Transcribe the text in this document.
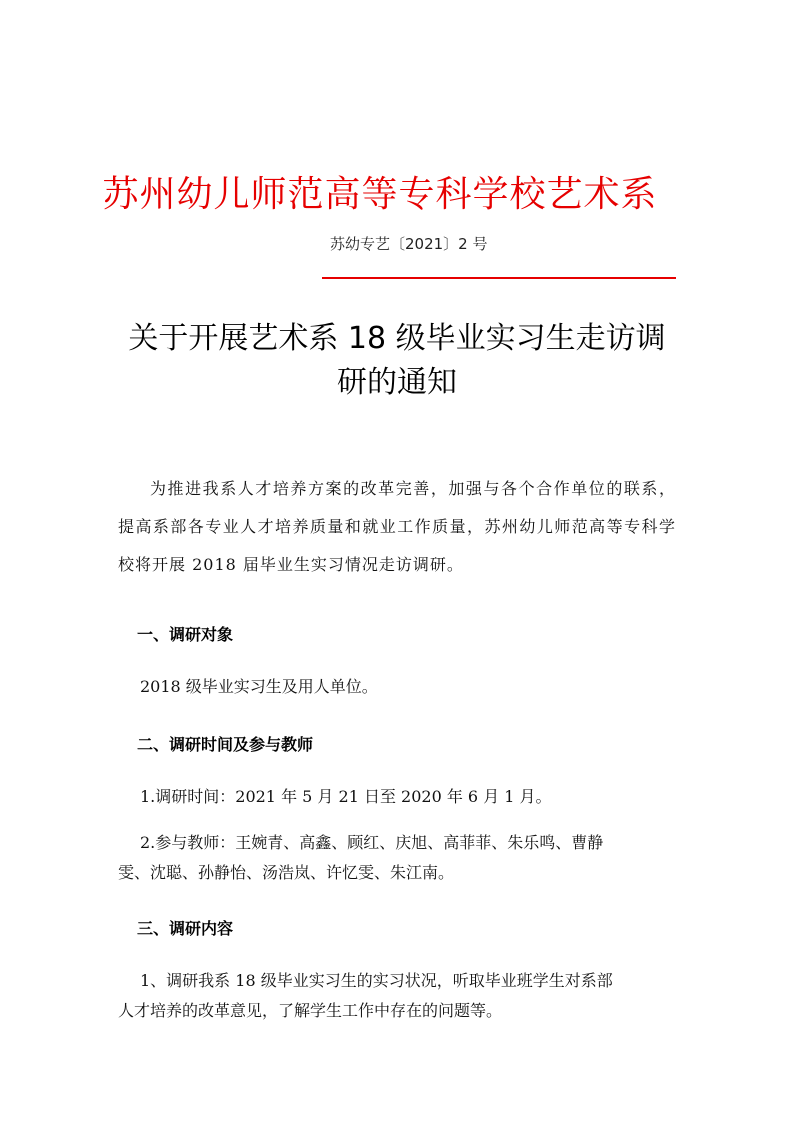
苏州幼儿师范高等专科学校艺术系
苏幼专艺〔2021〕2 号
关于开展艺术系 18 级毕业实习生走访调
研的通知

为推进我系人才培养方案的改革完善，加强与各个合作单位的联系，提高系部各专业人才培养质量和就业工作质量，苏州幼儿师范高等专科学校将开展 2018 届毕业生实习情况走访调研。

一、调研对象

2018 级毕业实习生及用人单位。

二、调研时间及参与教师

1.调研时间：2021 年 5 月 21 日至 2020 年 6 月 1 月。

2.参与教师：王婉青、高鑫、顾红、庆旭、高菲菲、朱乐鸣、曹静

雯、沈聪、孙静怡、汤浩岚、许忆雯、朱江南。

三、调研内容

1、调研我系 18 级毕业实习生的实习状况，听取毕业班学生对系部

人才培养的改革意见，了解学生工作中存在的问题等。
